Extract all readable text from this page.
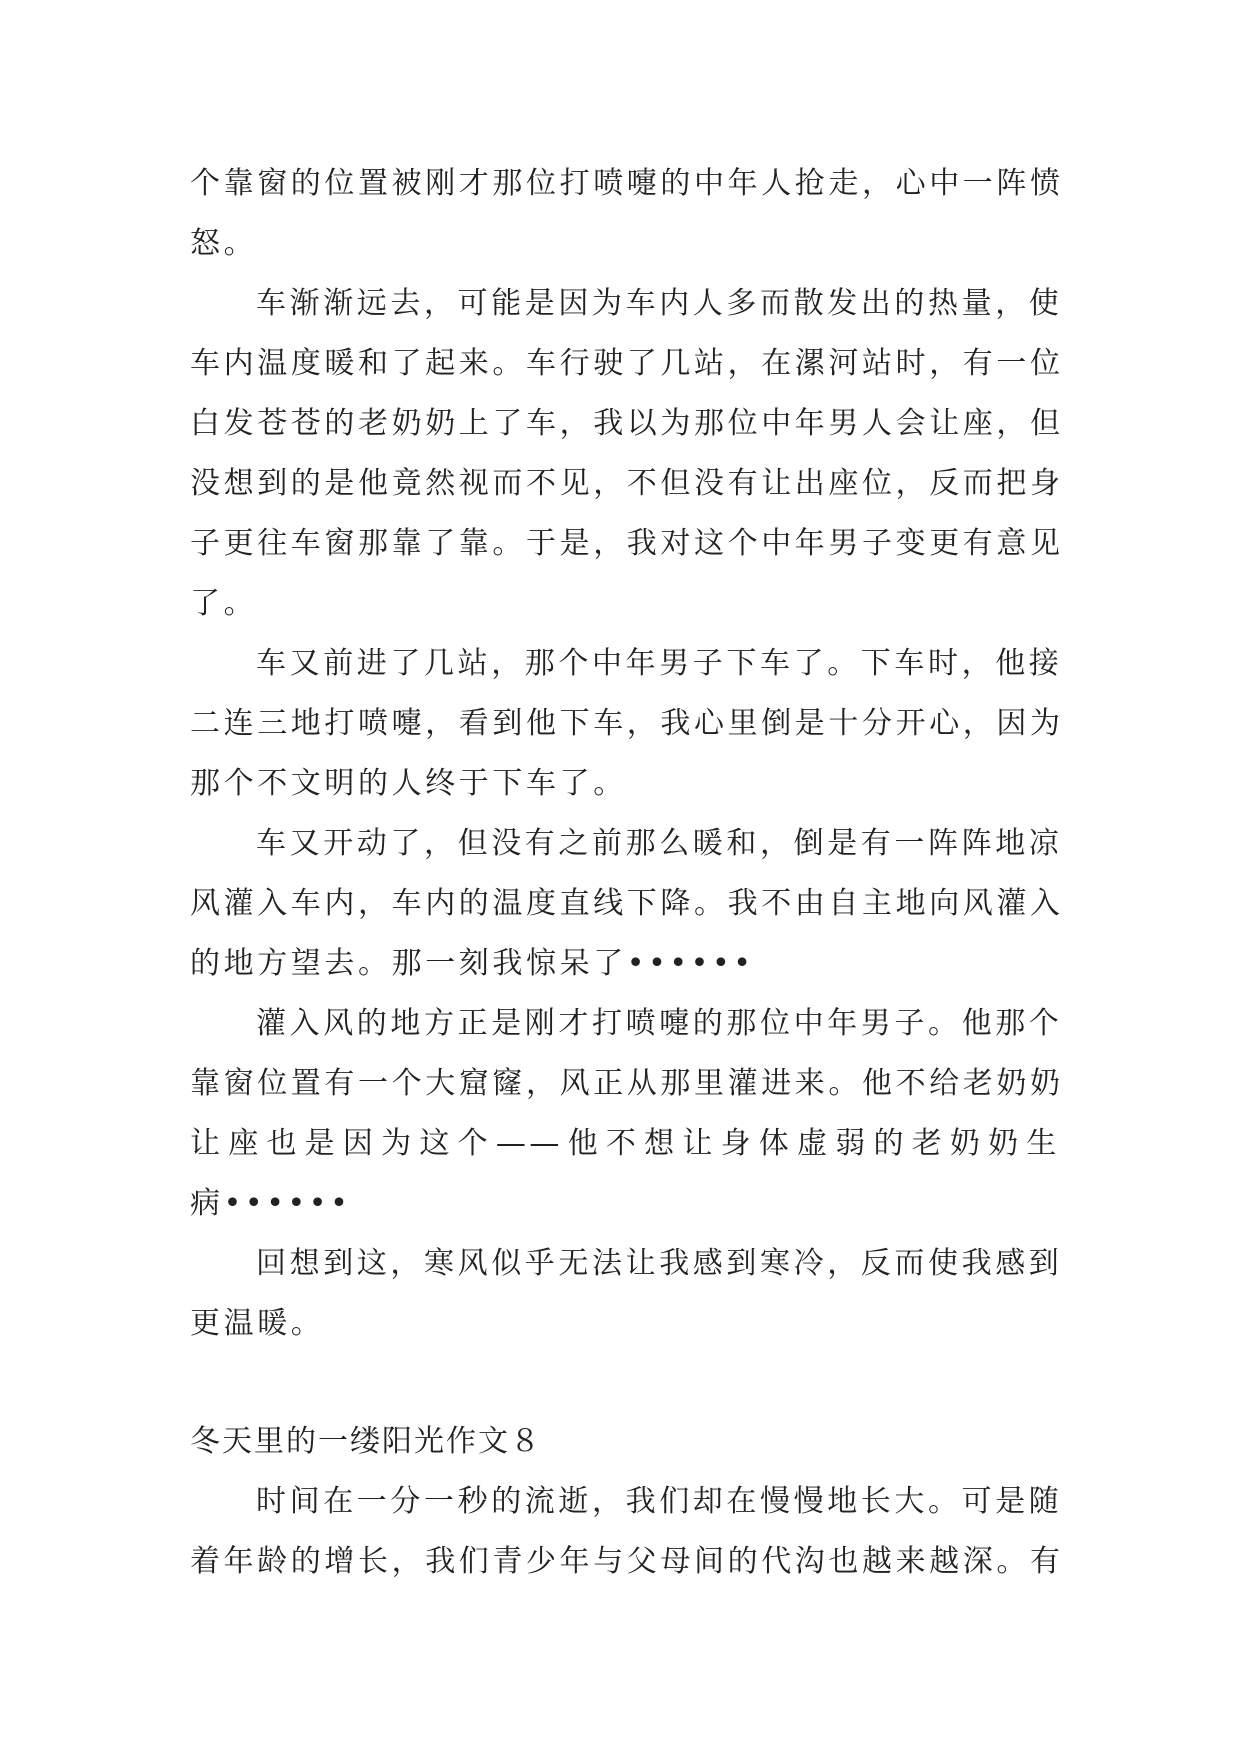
个靠窗的位置被刚才那位打喷嚏的中年人抢走，心中一阵愤
怒。
车渐渐远去，可能是因为车内人多而散发出的热量，使
车内温度暖和了起来。车行驶了几站，在漯河站时，有一位
白发苍苍的老奶奶上了车，我以为那位中年男人会让座，但
没想到的是他竟然视而不见，不但没有让出座位，反而把身
子更往车窗那靠了靠。于是，我对这个中年男子变更有意见
了。
车又前进了几站，那个中年男子下车了。下车时，他接
二连三地打喷嚏，看到他下车，我心里倒是十分开心，因为
那个不文明的人终于下车了。
车又开动了，但没有之前那么暖和，倒是有一阵阵地凉
风灌入车内，车内的温度直线下降。我不由自主地向风灌入
的地方望去。那一刻我惊呆了••••••
灌入风的地方正是刚才打喷嚏的那位中年男子。他那个
靠窗位置有一个大窟窿，风正从那里灌进来。他不给老奶奶
让座也是因为这个——他不想让身体虚弱的老奶奶生
病••••••
回想到这，寒风似乎无法让我感到寒冷，反而使我感到
更温暖。
冬天里的一缕阳光作文８
时间在一分一秒的流逝，我们却在慢慢地长大。可是随
着年龄的增长，我们青少年与父母间的代沟也越来越深。有
